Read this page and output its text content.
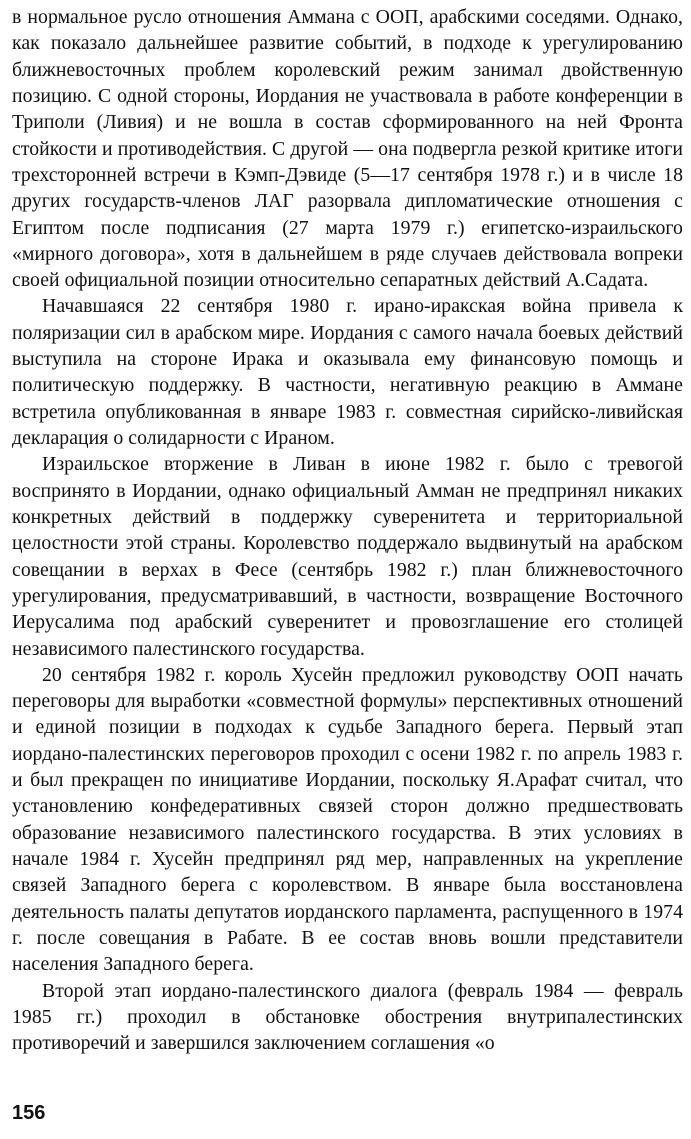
в нормальное русло отношения Аммана с ООП, арабскими соседями. Однако, как показало дальнейшее развитие событий, в подходе к урегулированию ближневосточных проблем королевский режим занимал двойственную позицию. С одной стороны, Иордания не участвовала в работе конференции в Триполи (Ливия) и не вошла в состав сформированного на ней Фронта стойкости и противодействия. С другой — она подвергла резкой критике итоги трехсторонней встречи в Кэмп-Дэвиде (5—17 сентября 1978 г.) и в числе 18 других государств-членов ЛАГ разорвала дипломатические отношения с Египтом после подписания (27 марта 1979 г.) египетско-израильского «мирного договора», хотя в дальнейшем в ряде случаев действовала вопреки своей официальной позиции относительно сепаратных действий А.Садата.

Начавшаяся 22 сентября 1980 г. ирано-иракская война привела к поляризации сил в арабском мире. Иордания с самого начала боевых действий выступила на стороне Ирака и оказывала ему финансовую помощь и политическую поддержку. В частности, негативную реакцию в Аммане встретила опубликованная в январе 1983 г. совместная сирийско-ливийская декларация о солидарности с Ираном.

Израильское вторжение в Ливан в июне 1982 г. было с тревогой воспринято в Иордании, однако официальный Амман не предпринял никаких конкретных действий в поддержку суверенитета и территориальной целостности этой страны. Королевство поддержало выдвинутый на арабском совещании в верхах в Фесе (сентябрь 1982 г.) план ближневосточного урегулирования, предусматривавший, в частности, возвращение Восточного Иерусалима под арабский суверенитет и провозглашение его столицей независимого палестинского государства.

20 сентября 1982 г. король Хусейн предложил руководству ООП начать переговоры для выработки «совместной формулы» перспективных отношений и единой позиции в подходах к судьбе Западного берега. Первый этап иордано-палестинских переговоров проходил с осени 1982 г. по апрель 1983 г. и был прекращен по инициативе Иордании, поскольку Я.Арафат считал, что установлению конфедеративных связей сторон должно предшествовать образование независимого палестинского государства. В этих условиях в начале 1984 г. Хусейн предпринял ряд мер, направленных на укрепление связей Западного берега с королевством. В январе была восстановлена деятельность палаты депутатов иорданского парламента, распущенного в 1974 г. после совещания в Рабате. В ее состав вновь вошли представители населения Западного берега.

Второй этап иордано-палестинского диалога (февраль 1984 — февраль 1985 гг.) проходил в обстановке обострения внутрипалестинских противоречий и завершился заключением соглашения «о

156
